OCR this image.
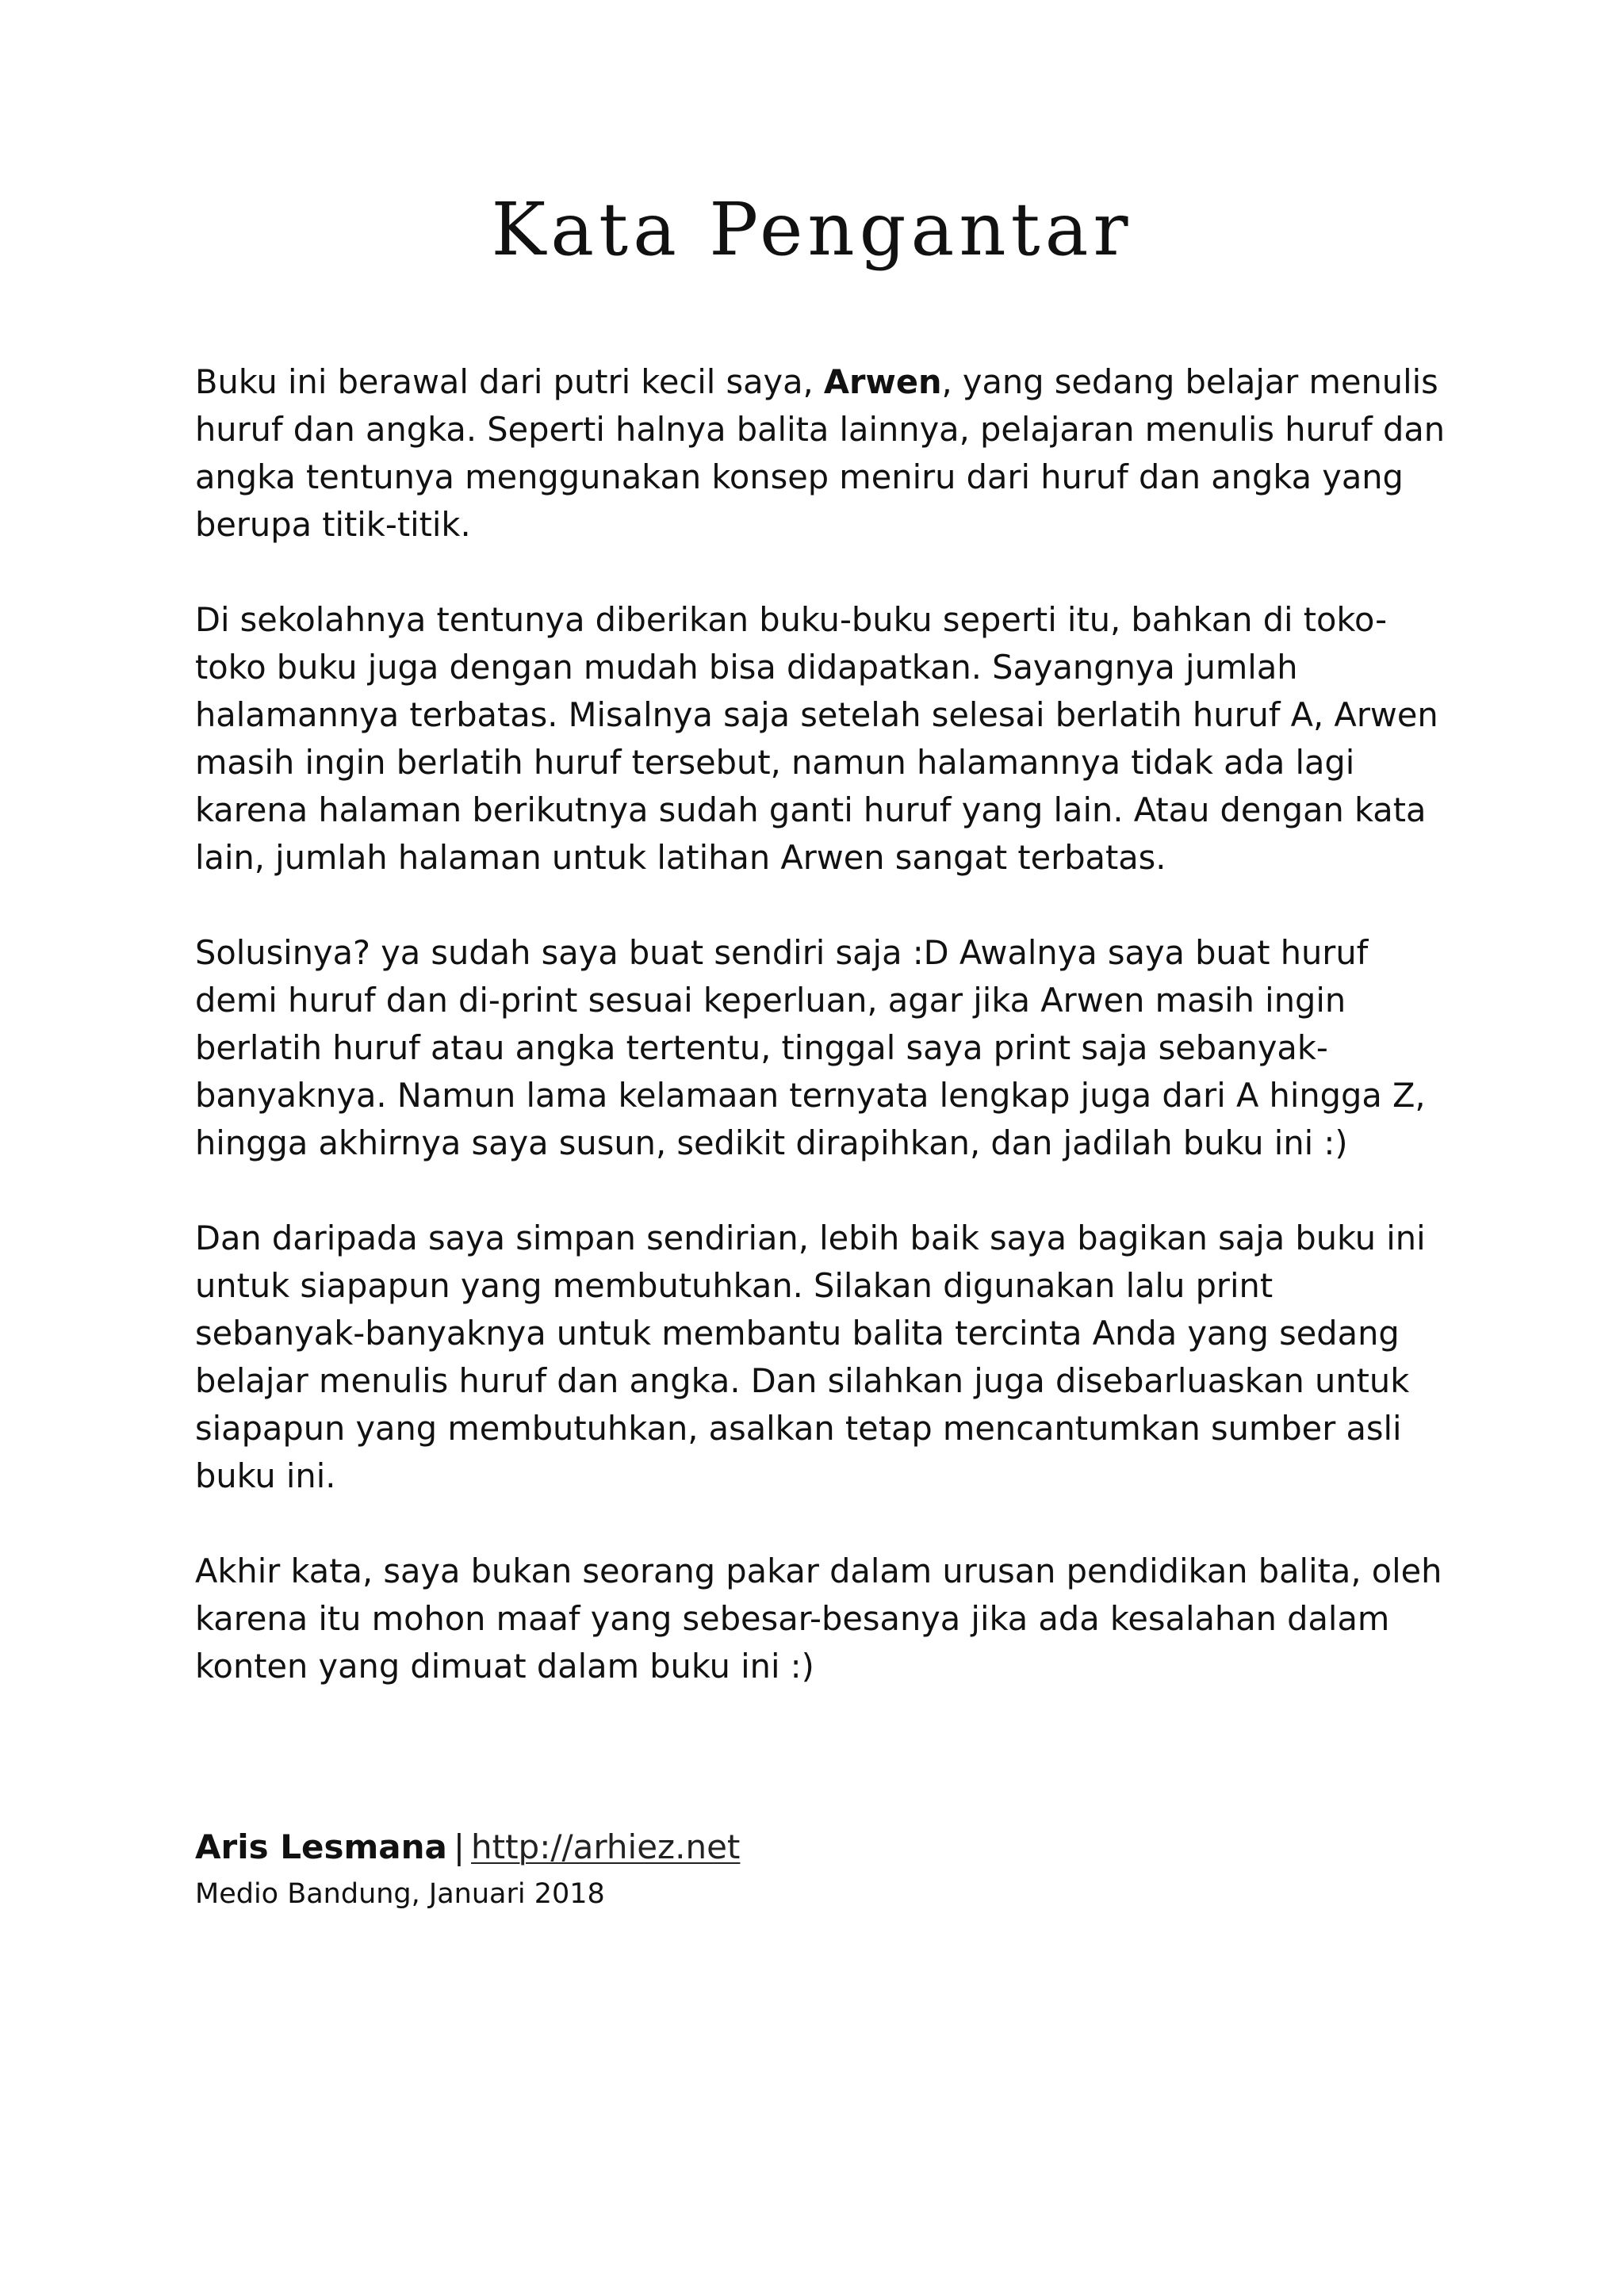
Kata Pengantar

Buku ini berawal dari putri kecil saya, Arwen, yang sedang belajar menulis huruf dan angka. Seperti halnya balita lainnya, pelajaran menulis huruf dan angka tentunya menggunakan konsep meniru dari huruf dan angka yang berupa titik-titik.

Di sekolahnya tentunya diberikan buku-buku seperti itu, bahkan di toko-toko buku juga dengan mudah bisa didapatkan. Sayangnya jumlah halamannya terbatas. Misalnya saja setelah selesai berlatih huruf A, Arwen masih ingin berlatih huruf tersebut, namun halamannya tidak ada lagi karena halaman berikutnya sudah ganti huruf yang lain. Atau dengan kata lain, jumlah halaman untuk latihan Arwen sangat terbatas.

Solusinya? ya sudah saya buat sendiri saja :D Awalnya saya buat huruf demi huruf dan di-print sesuai keperluan, agar jika Arwen masih ingin berlatih huruf atau angka tertentu, tinggal saya print saja sebanyak-banyaknya. Namun lama kelamaan ternyata lengkap juga dari A hingga Z, hingga akhirnya saya susun, sedikit dirapihkan, dan jadilah buku ini :)

Dan daripada saya simpan sendirian, lebih baik saya bagikan saja buku ini untuk siapapun yang membutuhkan. Silakan digunakan lalu print sebanyak-banyaknya untuk membantu balita tercinta Anda yang sedang belajar menulis huruf dan angka. Dan silahkan juga disebarluaskan untuk siapapun yang membutuhkan, asalkan tetap mencantumkan sumber asli buku ini.

Akhir kata, saya bukan seorang pakar dalam urusan pendidikan balita, oleh karena itu mohon maaf yang sebesar-besanya jika ada kesalahan dalam konten yang dimuat dalam buku ini :)

Aris Lesmana | http://arhiez.net

Medio Bandung, Januari 2018
